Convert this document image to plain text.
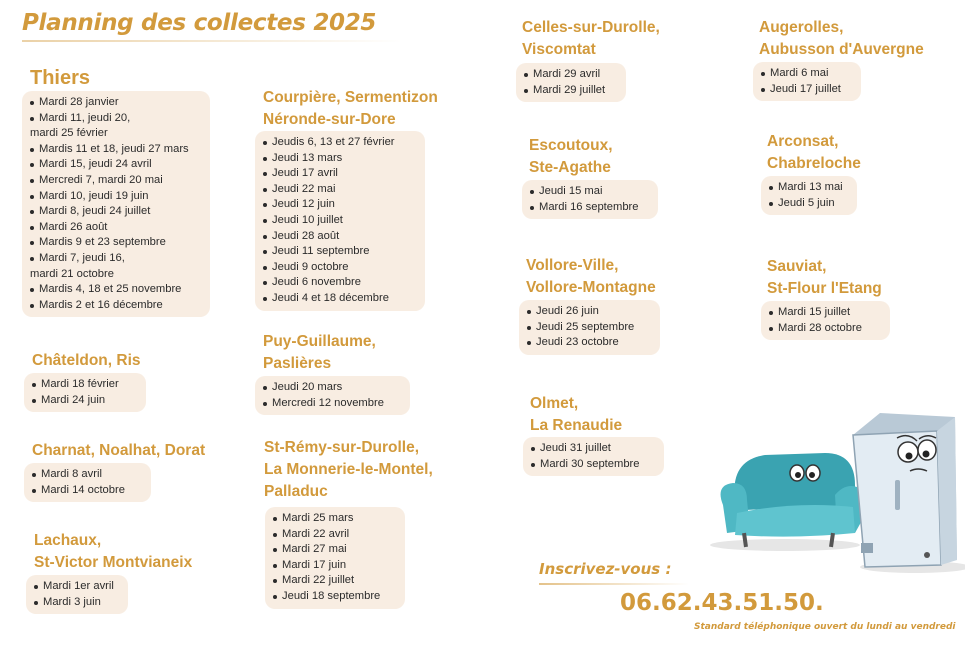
Planning des collectes 2025
Thiers
Mardi 28 janvier
Mardi 11, jeudi 20,
mardi 25 février
Mardis 11 et 18, jeudi 27 mars
Mardi 15, jeudi 24 avril
Mercredi 7, mardi 20 mai
Mardi 10, jeudi 19 juin
Mardi 8, jeudi 24 juillet
Mardi 26 août
Mardis 9 et 23 septembre
Mardi 7, jeudi 16,
mardi 21 octobre
Mardis 4, 18 et 25 novembre
Mardis 2 et 16 décembre
Châteldon, Ris
Mardi 18 février
Mardi 24 juin
Charnat, Noalhat, Dorat
Mardi 8 avril
Mardi 14 octobre
Lachaux,
St-Victor Montvianeix
Mardi 1er avril
Mardi 3 juin
Courpière, Sermentizon
Néronde-sur-Dore
Jeudis 6, 13 et 27 février
Jeudi 13 mars
Jeudi 17 avril
Jeudi 22 mai
Jeudi 12 juin
Jeudi 10 juillet
Jeudi 28 août
Jeudi 11 septembre
Jeudi 9 octobre
Jeudi 6 novembre
Jeudi 4 et 18 décembre
Puy-Guillaume,
Paslières
Jeudi 20 mars
Mercredi 12 novembre
St-Rémy-sur-Durolle,
La Monnerie-le-Montel,
Palladuc
Mardi 25 mars
Mardi 22 avril
Mardi 27 mai
Mardi 17 juin
Mardi 22 juillet
Jeudi 18 septembre
Celles-sur-Durolle,
Viscomtat
Mardi 29 avril
Mardi 29 juillet
Escoutoux,
Ste-Agathe
Jeudi 15 mai
Mardi 16 septembre
Vollore-Ville,
Vollore-Montagne
Jeudi 26 juin
Jeudi 25 septembre
Jeudi 23 octobre
Olmet,
La Renaudie
Jeudi 31 juillet
Mardi 30 septembre
Augerolles,
Aubusson d'Auvergne
Mardi 6 mai
Jeudi 17 juillet
Arconsat,
Chabreloche
Mardi 13 mai
Jeudi 5 juin
Sauviat,
St-Flour l'Etang
Mardi 15 juillet
Mardi 28 octobre

Inscrivez-vous :

06.62.43.51.50.

Standard téléphonique ouvert du lundi au vendredi
